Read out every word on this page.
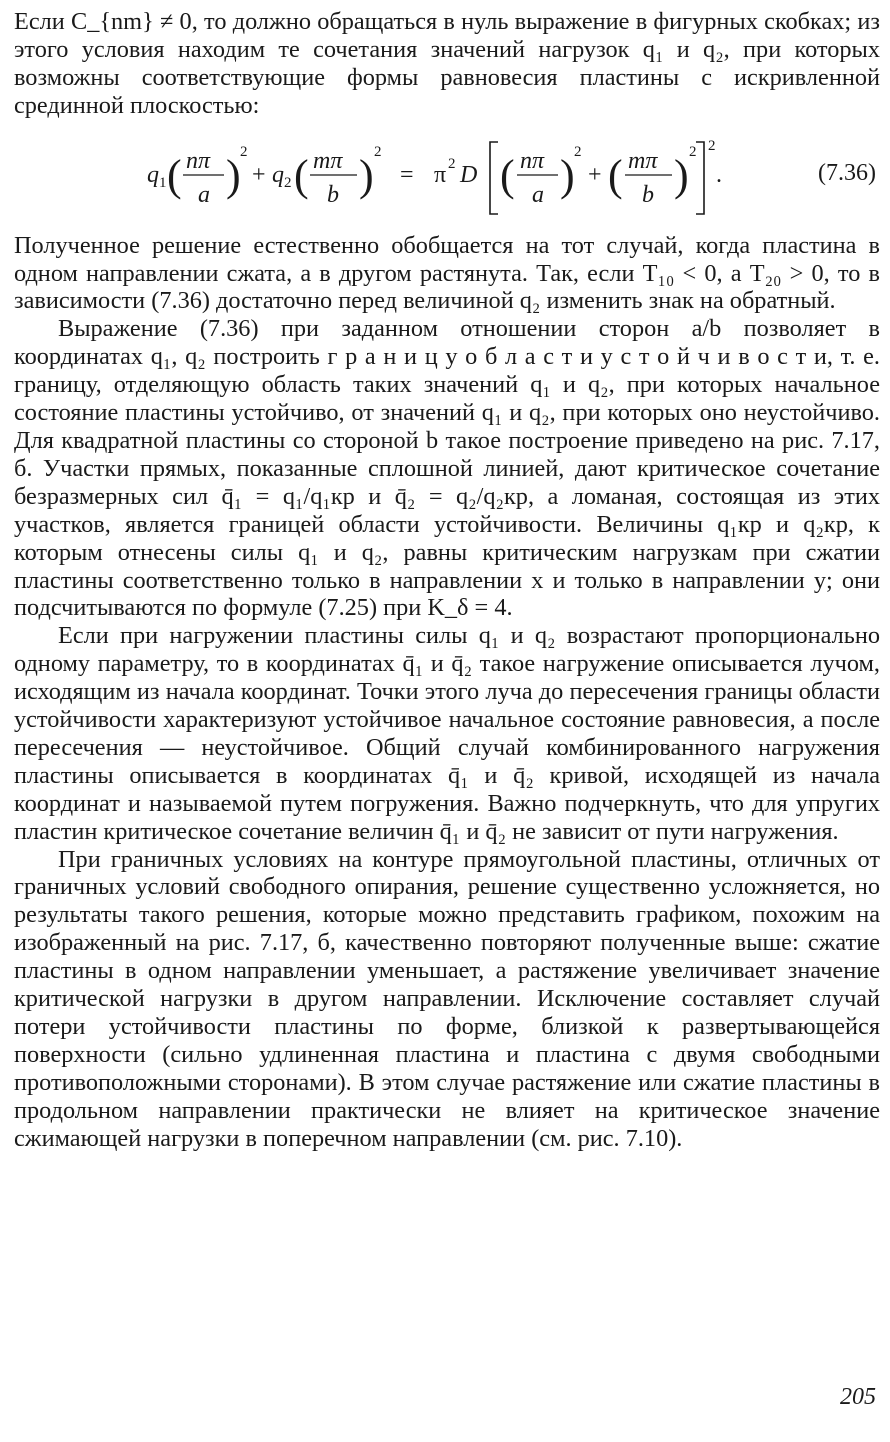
Если C_{nm} ≠ 0, то должно обращаться в нуль выражение в фигурных скобках; из этого условия находим те сочетания значений нагрузок q₁ и q₂, при которых возможны соответствующие формы равновесия пластины с искривленной срединной плоскостью:

q 1 ( nπ
a ) 2
+ q 2 ( mπ
b ) 2
= π 2 D ( nπ
a ) 2
+ ( mπ
b ) 2 2
.	(7.36)

Полученное решение естественно обобщается на тот случай, когда пластина в одном направлении сжата, а в другом растянута. Так, если T₁₀ < 0, а T₂₀ > 0, то в зависимости (7.36) достаточно перед величиной q₂ изменить знак на обратный.

Выражение (7.36) при заданном отношении сторон a/b позволяет в координатах q₁, q₂ построить г р а н и ц у о б л а с т и у с т о й ч и в о с т и, т. е. границу, отделяющую область таких значений q₁ и q₂, при которых начальное состояние пластины устойчиво, от значений q₁ и q₂, при которых оно неустойчиво. Для квадратной пластины со стороной b такое построение приведено на рис. 7.17, б. Участки прямых, показанные сплошной линией, дают критическое сочетание безразмерных сил q̄₁ = q₁/q₁кр и q̄₂ = q₂/q₂кр, а ломаная, состоящая из этих участков, является границей области устойчивости. Величины q₁кр и q₂кр, к которым отнесены силы q₁ и q₂, равны критическим нагрузкам при сжатии пластины соответственно только в направлении x и только в направлении y; они подсчитываются по формуле (7.25) при K_δ = 4.

Если при нагружении пластины силы q₁ и q₂ возрастают пропорционально одному параметру, то в координатах q̄₁ и q̄₂ такое нагружение описывается лучом, исходящим из начала координат. Точки этого луча до пересечения границы области устойчивости характеризуют устойчивое начальное состояние равновесия, а после пересечения — неустойчивое. Общий случай комбинированного нагружения пластины описывается в координатах q̄₁ и q̄₂ кривой, исходящей из начала координат и называемой путем погружения. Важно подчеркнуть, что для упругих пластин критическое сочетание величин q̄₁ и q̄₂ не зависит от пути нагружения.

При граничных условиях на контуре прямоугольной пластины, отличных от граничных условий свободного опирания, решение существенно усложняется, но результаты такого решения, которые можно представить графиком, похожим на изображенный на рис. 7.17, б, качественно повторяют полученные выше: сжатие пластины в одном направлении уменьшает, а растяжение увеличивает значение критической нагрузки в другом направлении. Исключение составляет случай потери устойчивости пластины по форме, близкой к развертывающейся поверхности (сильно удлиненная пластина и пластина с двумя свободными противоположными сторонами). В этом случае растяжение или сжатие пластины в продольном направлении практически не влияет на критическое значение сжимающей нагрузки в поперечном направлении (см. рис. 7.10).

205
